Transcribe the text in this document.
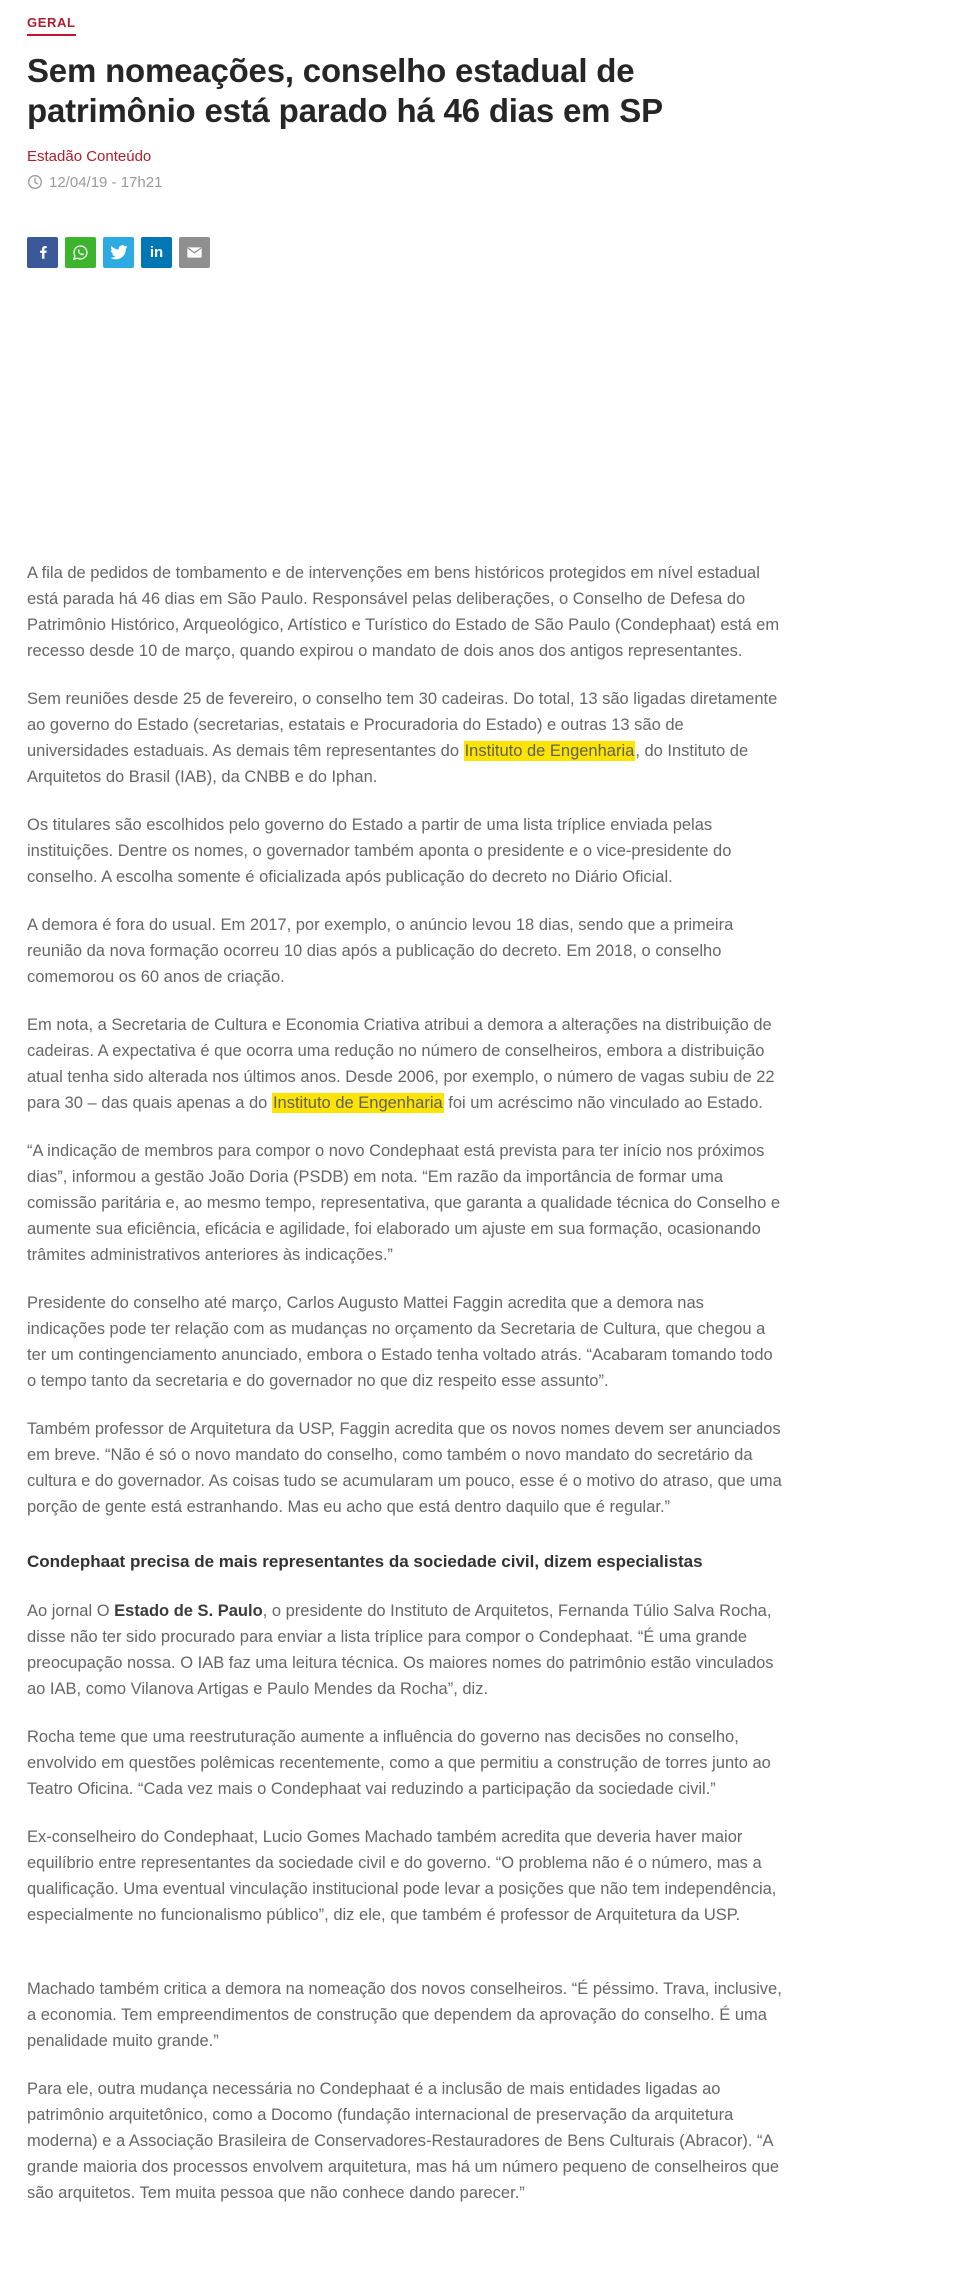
GERAL
Sem nomeações, conselho estadual de patrimônio está parado há 46 dias em SP
Estadão Conteúdo
12/04/19 - 17h21
in

A fila de pedidos de tombamento e de intervenções em bens históricos protegidos em nível estadual está parada há 46 dias em São Paulo. Responsável pelas deliberações, o Conselho de Defesa do Patrimônio Histórico, Arqueológico, Artístico e Turístico do Estado de São Paulo (Condephaat) está em recesso desde 10 de março, quando expirou o mandato de dois anos dos antigos representantes.

Sem reuniões desde 25 de fevereiro, o conselho tem 30 cadeiras. Do total, 13 são ligadas diretamente ao governo do Estado (secretarias, estatais e Procuradoria do Estado) e outras 13 são de universidades estaduais. As demais têm representantes do Instituto de Engenharia, do Instituto de Arquitetos do Brasil (IAB), da CNBB e do Iphan.

Os titulares são escolhidos pelo governo do Estado a partir de uma lista tríplice enviada pelas instituições. Dentre os nomes, o governador também aponta o presidente e o vice-presidente do conselho. A escolha somente é oficializada após publicação do decreto no Diário Oficial.

A demora é fora do usual. Em 2017, por exemplo, o anúncio levou 18 dias, sendo que a primeira reunião da nova formação ocorreu 10 dias após a publicação do decreto. Em 2018, o conselho comemorou os 60 anos de criação.

Em nota, a Secretaria de Cultura e Economia Criativa atribui a demora a alterações na distribuição de cadeiras. A expectativa é que ocorra uma redução no número de conselheiros, embora a distribuição atual tenha sido alterada nos últimos anos. Desde 2006, por exemplo, o número de vagas subiu de 22 para 30 – das quais apenas a do Instituto de Engenharia foi um acréscimo não vinculado ao Estado.

“A indicação de membros para compor o novo Condephaat está prevista para ter início nos próximos dias”, informou a gestão João Doria (PSDB) em nota. “Em razão da importância de formar uma comissão paritária e, ao mesmo tempo, representativa, que garanta a qualidade técnica do Conselho e aumente sua eficiência, eficácia e agilidade, foi elaborado um ajuste em sua formação, ocasionando trâmites administrativos anteriores às indicações.”

Presidente do conselho até março, Carlos Augusto Mattei Faggin acredita que a demora nas indicações pode ter relação com as mudanças no orçamento da Secretaria de Cultura, que chegou a ter um contingenciamento anunciado, embora o Estado tenha voltado atrás. “Acabaram tomando todo o tempo tanto da secretaria e do governador no que diz respeito esse assunto”.

Também professor de Arquitetura da USP, Faggin acredita que os novos nomes devem ser anunciados em breve. “Não é só o novo mandato do conselho, como também o novo mandato do secretário da cultura e do governador. As coisas tudo se acumularam um pouco, esse é o motivo do atraso, que uma porção de gente está estranhando. Mas eu acho que está dentro daquilo que é regular.”

Condephaat precisa de mais representantes da sociedade civil, dizem especialistas

Ao jornal O Estado de S. Paulo, o presidente do Instituto de Arquitetos, Fernanda Túlio Salva Rocha, disse não ter sido procurado para enviar a lista tríplice para compor o Condephaat. “É uma grande preocupação nossa. O IAB faz uma leitura técnica. Os maiores nomes do patrimônio estão vinculados ao IAB, como Vilanova Artigas e Paulo Mendes da Rocha”, diz.

Rocha teme que uma reestruturação aumente a influência do governo nas decisões no conselho, envolvido em questões polêmicas recentemente, como a que permitiu a construção de torres junto ao Teatro Oficina. “Cada vez mais o Condephaat vai reduzindo a participação da sociedade civil.”

Ex-conselheiro do Condephaat, Lucio Gomes Machado também acredita que deveria haver maior equilíbrio entre representantes da sociedade civil e do governo. “O problema não é o número, mas a qualificação. Uma eventual vinculação institucional pode levar a posições que não tem independência, especialmente no funcionalismo público”, diz ele, que também é professor de Arquitetura da USP.

Machado também critica a demora na nomeação dos novos conselheiros. “É péssimo. Trava, inclusive, a economia. Tem empreendimentos de construção que dependem da aprovação do conselho. É uma penalidade muito grande.”

Para ele, outra mudança necessária no Condephaat é a inclusão de mais entidades ligadas ao patrimônio arquitetônico, como a Docomo (fundação internacional de preservação da arquitetura moderna) e a Associação Brasileira de Conservadores-Restauradores de Bens Culturais (Abracor). “A grande maioria dos processos envolvem arquitetura, mas há um número pequeno de conselheiros que são arquitetos. Tem muita pessoa que não conhece dando parecer.”
